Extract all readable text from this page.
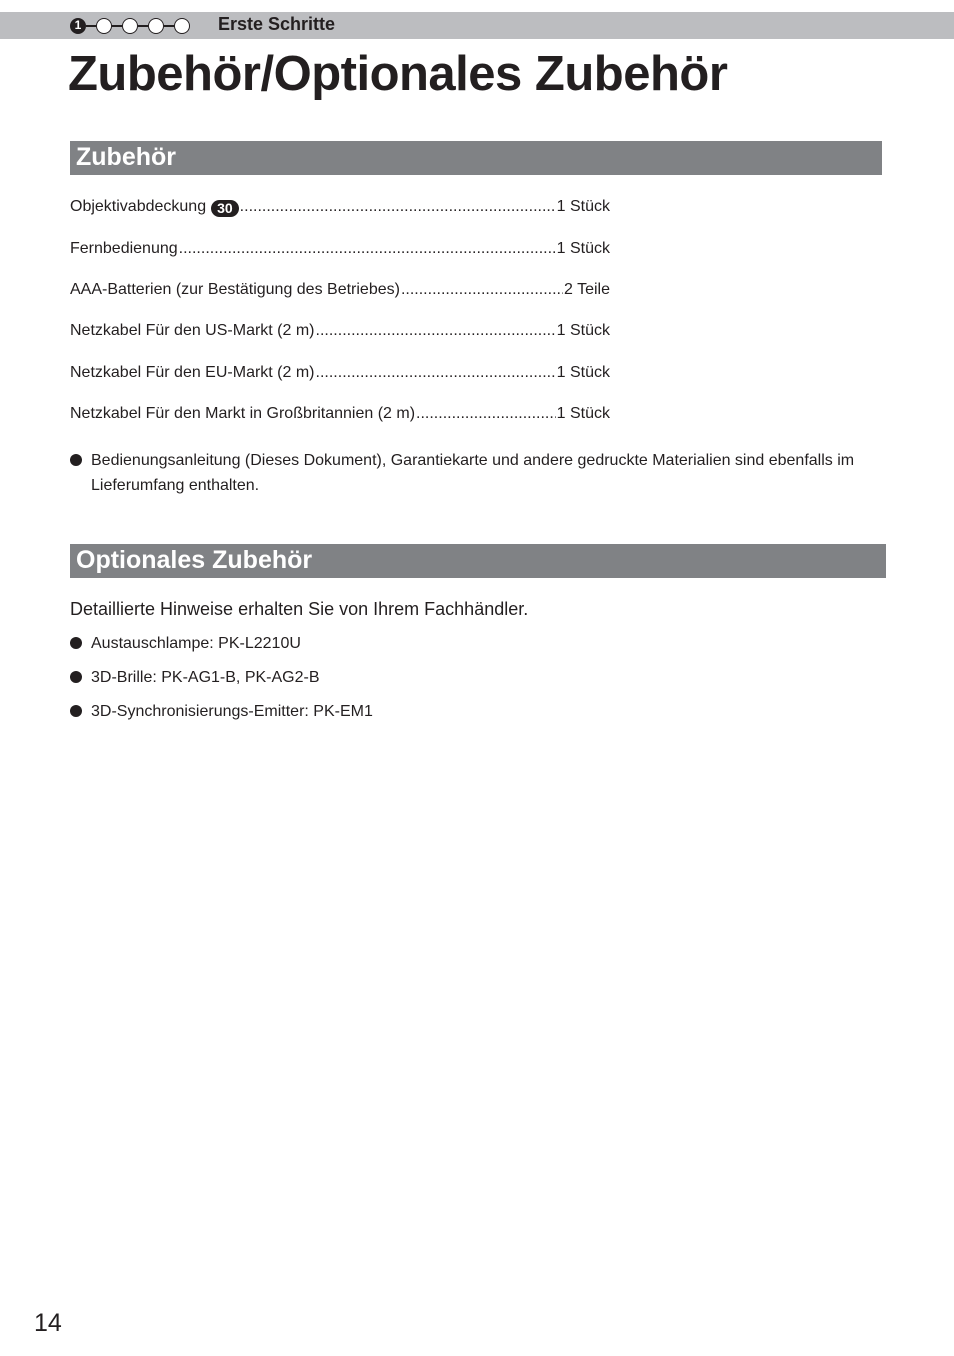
1	Erste Schritte
Zubehör/Optionales Zubehör
Zubehör
Objektivabdeckung 30 .....	1 Stück
Fernbedienung .....	1 Stück
AAA-Batterien (zur Bestätigung des Betriebes) .....	2 Teile
Netzkabel Für den US-Markt (2 m) .....	1 Stück
Netzkabel Für den EU-Markt (2 m) .....	1 Stück
Netzkabel Für den Markt in Großbritannien (2 m) .....	1 Stück
Bedienungsanleitung (Dieses Dokument), Garantiekarte und andere gedruckte Materialien sind ebenfalls im Lieferumfang enthalten.
Optionales Zubehör
Detaillierte Hinweise erhalten Sie von Ihrem Fachhändler.
Austauschlampe: PK-L2210U
3D-Brille: PK-AG1-B, PK-AG2-B
3D-Synchronisierungs-Emitter: PK-EM1
14
